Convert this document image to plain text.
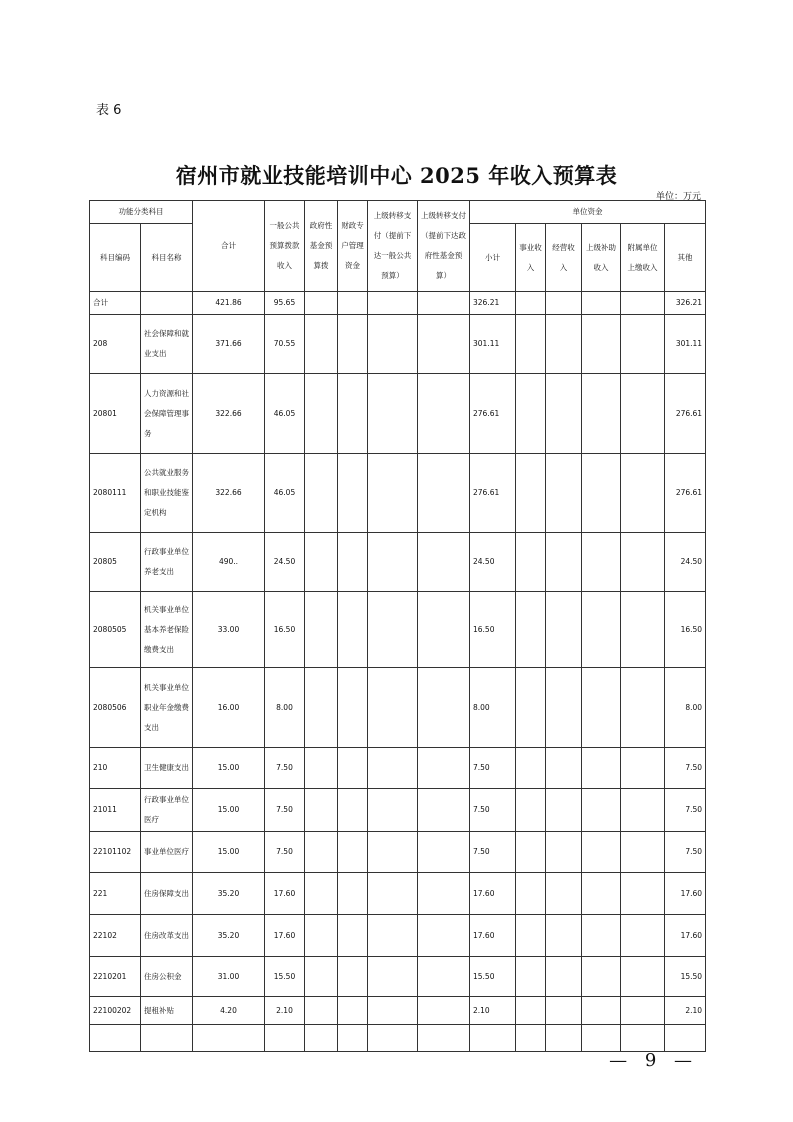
表 6
宿州市就业技能培训中心 2025 年收入预算表
单位：万元
功能分类科目		合计	一般公共预算拨款收入	政府性基金预算拨	财政专户管理资金	上级转移支付（提前下达一般公共预算）	上级转移支付（提前下达政府性基金预算）	单位资金					
科目编码	科目名称							小计	事业收入	经营收入	上级补助收入	附属单位上缴收入	其他
合计		421.86	95.65					326.21					326.21
208	社会保障和就业支出	371.66	70.55					301.11					301.11
20801	人力资源和社会保障管理事务	322.66	46.05					276.61					276.61
2080111	公共就业服务和职业技能鉴定机构	322.66	46.05					276.61					276.61
20805	行政事业单位养老支出	490..	24.50					24.50					24.50
2080505	机关事业单位基本养老保险缴费支出	33.00	16.50					16.50					16.50
2080506	机关事业单位职业年金缴费支出	16.00	8.00					8.00					8.00
210	卫生健康支出	15.00	7.50					7.50					7.50
21011	行政事业单位医疗	15.00	7.50					7.50					7.50
22101102	事业单位医疗	15.00	7.50					7.50					7.50
221	住房保障支出	35.20	17.60					17.60					17.60
22102	住房改革支出	35.20	17.60					17.60					17.60
2210201	住房公积金	31.00	15.50					15.50					15.50
22100202	提租补贴	4.20	2.10					2.10					2.10

— 9 —
